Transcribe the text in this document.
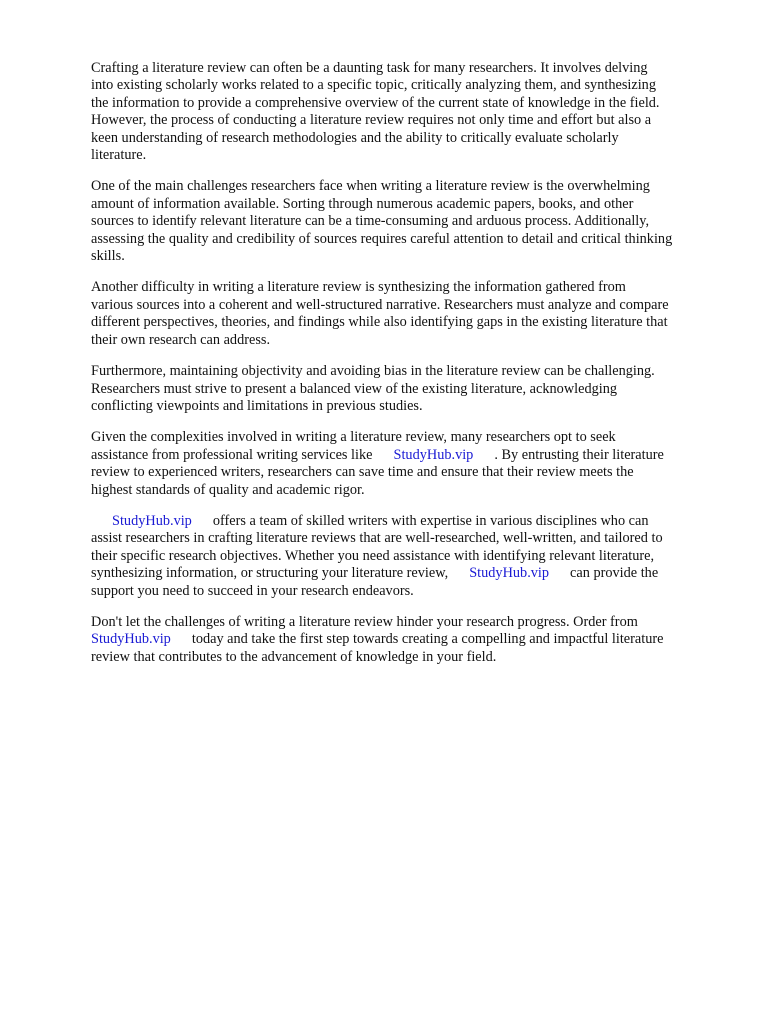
Crafting a literature review can often be a daunting task for many researchers. It involves delving
into existing scholarly works related to a specific topic, critically analyzing them, and synthesizing
the information to provide a comprehensive overview of the current state of knowledge in the field.
However, the process of conducting a literature review requires not only time and effort but also a
keen understanding of research methodologies and the ability to critically evaluate scholarly
literature.

One of the main challenges researchers face when writing a literature review is the overwhelming
amount of information available. Sorting through numerous academic papers, books, and other
sources to identify relevant literature can be a time-consuming and arduous process. Additionally,
assessing the quality and credibility of sources requires careful attention to detail and critical thinking
skills.

Another difficulty in writing a literature review is synthesizing the information gathered from
various sources into a coherent and well-structured narrative. Researchers must analyze and compare
different perspectives, theories, and findings while also identifying gaps in the existing literature that
their own research can address.

Furthermore, maintaining objectivity and avoiding bias in the literature review can be challenging.
Researchers must strive to present a balanced view of the existing literature, acknowledging
conflicting viewpoints and limitations in previous studies.

Given the complexities involved in writing a literature review, many researchers opt to seek
assistance from professional writing services like StudyHub.vip . By entrusting their literature
review to experienced writers, researchers can save time and ensure that their review meets the
highest standards of quality and academic rigor.

StudyHub.vip offers a team of skilled writers with expertise in various disciplines who can
assist researchers in crafting literature reviews that are well-researched, well-written, and tailored to
their specific research objectives. Whether you need assistance with identifying relevant literature,
synthesizing information, or structuring your literature review, StudyHub.vip can provide the
support you need to succeed in your research endeavors.

Don't let the challenges of writing a literature review hinder your research progress. Order from
StudyHub.vip today and take the first step towards creating a compelling and impactful literature
review that contributes to the advancement of knowledge in your field.
